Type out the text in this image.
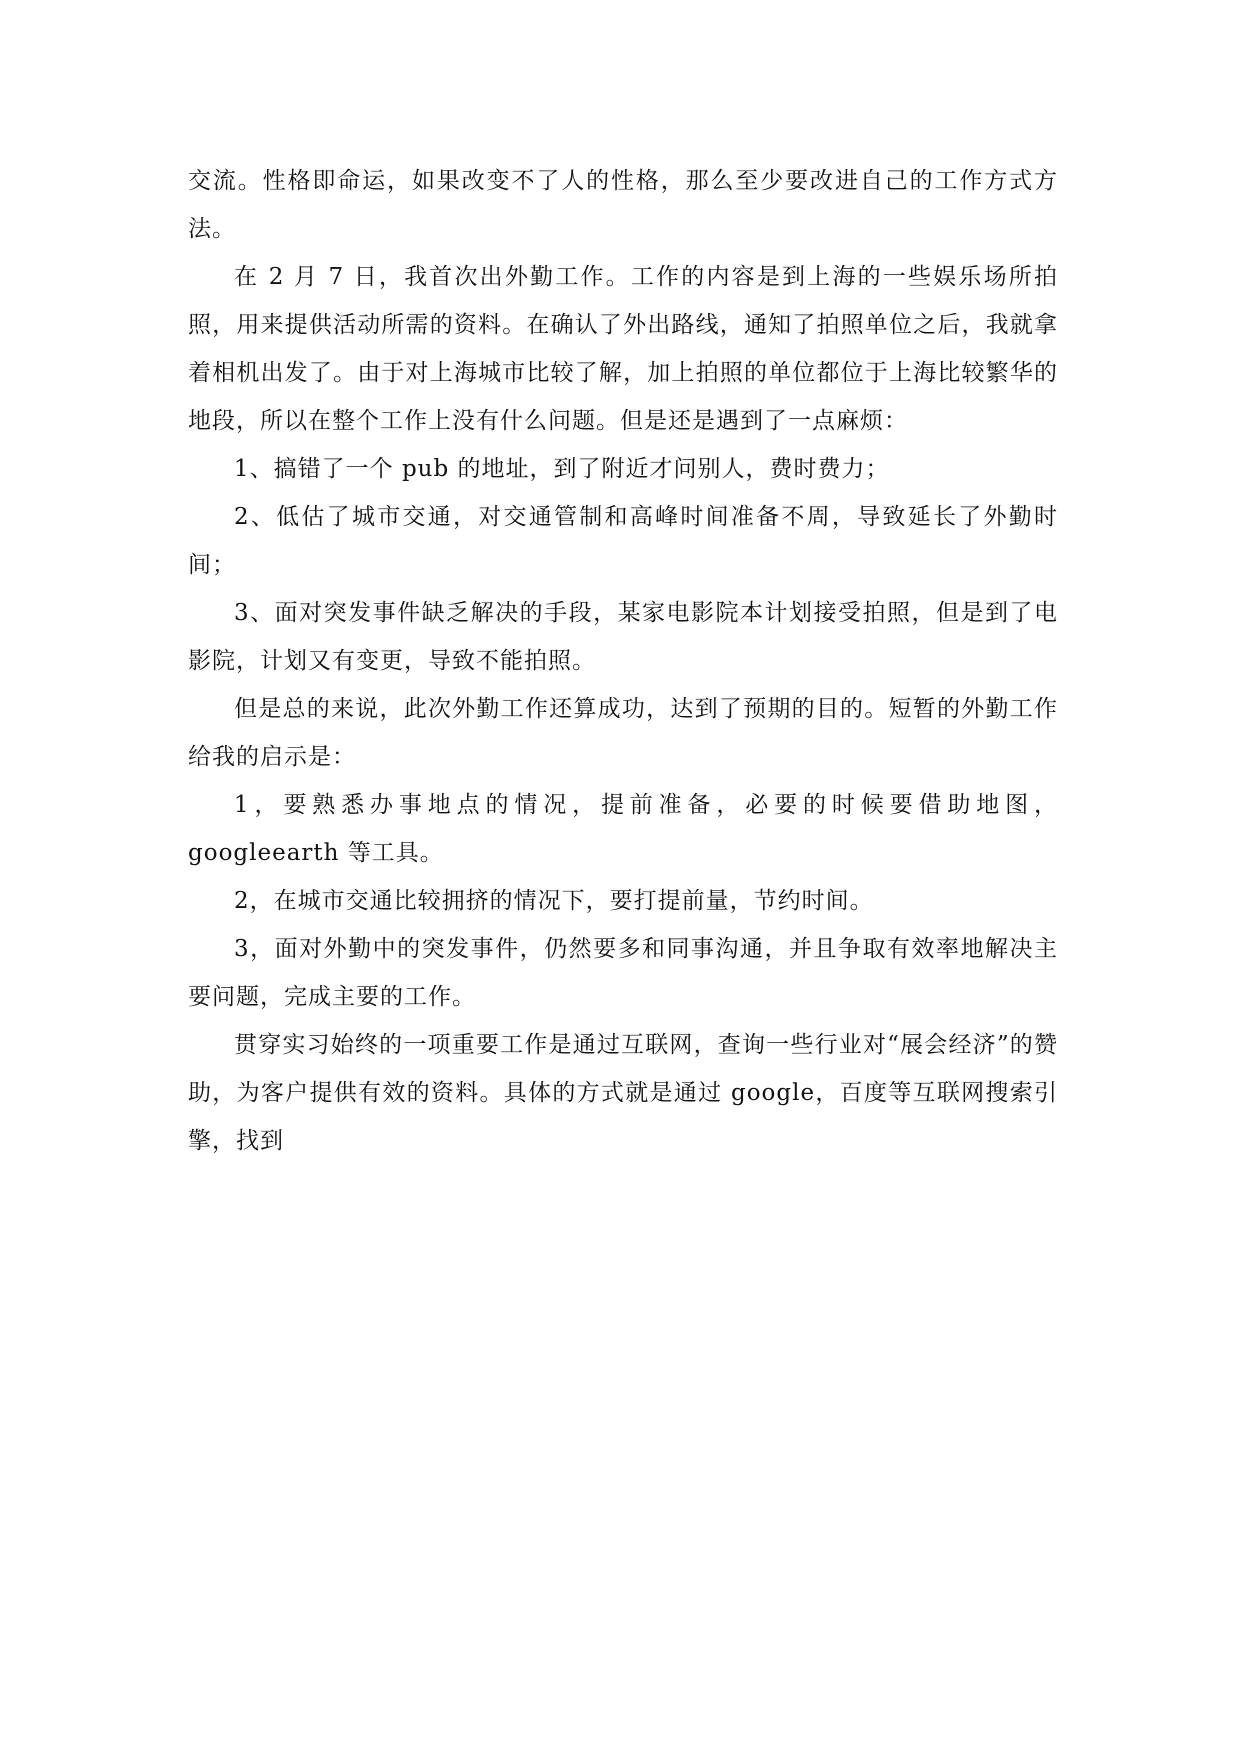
交流。性格即命运，如果改变不了人的性格，那么至少要改进自己的工作方式方法。

在 2 月 7 日，我首次出外勤工作。工作的内容是到上海的一些娱乐场所拍照，用来提供活动所需的资料。在确认了外出路线，通知了拍照单位之后，我就拿着相机出发了。由于对上海城市比较了解，加上拍照的单位都位于上海比较繁华的地段，所以在整个工作上没有什么问题。但是还是遇到了一点麻烦：

1、搞错了一个 pub 的地址，到了附近才问别人，费时费力；

2、低估了城市交通，对交通管制和高峰时间准备不周，导致延长了外勤时间；

3、面对突发事件缺乏解决的手段，某家电影院本计划接受拍照，但是到了电影院，计划又有变更，导致不能拍照。

但是总的来说，此次外勤工作还算成功，达到了预期的目的。短暂的外勤工作给我的启示是：

1，要熟悉办事地点的情况，提前准备，必要的时候要借助地图，googleearth 等工具。

2，在城市交通比较拥挤的情况下，要打提前量，节约时间。

3，面对外勤中的突发事件，仍然要多和同事沟通，并且争取有效率地解决主要问题，完成主要的工作。

贯穿实习始终的一项重要工作是通过互联网，查询一些行业对“展会经济”的赞助，为客户提供有效的资料。具体的方式就是通过 google，百度等互联网搜索引擎，找到
